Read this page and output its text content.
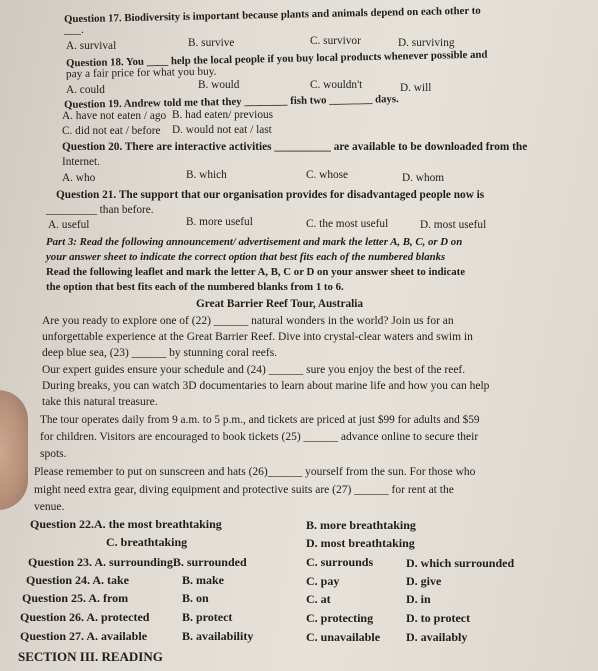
Question 17. Biodiversity is important because plants and animals depend on each other to
___.
A. survival	B. survive	C. survivor	D. surviving
Question 18. You ____ help the local people if you buy local products whenever possible and
pay a fair price for what you buy.
A. could	B. would	C. wouldn't	D. will
Question 19. Andrew told me that they ________ fish two ________ days.
A. have not eaten / ago B. had eaten/ previous
C. did not eat / before D. would not eat / last
Question 20. There are interactive activities __________ are available to be downloaded from the
Internet.
A. who	B. which	C. whose	D. whom
Question 21. The support that our organisation provides for disadvantaged people now is
_________ than before.
A. useful	B. more useful	C. the most useful	D. most useful
Part 3: Read the following announcement/ advertisement and mark the letter A, B, C, or D on
your answer sheet to indicate the correct option that best fits each of the numbered blanks
Read the following leaflet and mark the letter A, B, C or D on your answer sheet to indicate
the option that best fits each of the numbered blanks from 1 to 6.
Great Barrier Reef Tour, Australia
Are you ready to explore one of (22) ______ natural wonders in the world? Join us for an
unforgettable experience at the Great Barrier Reef. Dive into crystal-clear waters and swim in
deep blue sea, (23) ______ by stunning coral reefs.
Our expert guides ensure your schedule and (24) ______ sure you enjoy the best of the reef.
During breaks, you can watch 3D documentaries to learn about marine life and how you can help
take this natural treasure.
The tour operates daily from 9 a.m. to 5 p.m., and tickets are priced at just $99 for adults and $59
for children. Visitors are encouraged to book tickets (25) ______ advance online to secure their
spots.
Please remember to put on sunscreen and hats (26)______ yourself from the sun. For those who
might need extra gear, diving equipment and protective suits are (27) ______ for rent at the
venue.
Question 22.A. the most breathtaking	B. more breathtaking
C. breathtaking	D. most breathtaking
Question 23. A. surroundingB. surrounded	C. surrounds	D. which surrounded
Question 24. A. take	B. make	C. pay	D. give
Question 25. A. from	B. on	C. at	D. in
Question 26. A. protected	B. protect	C. protecting	D. to protect
Question 27. A. available	B. availability	C. unavailable D. availably
SECTION III. READING
